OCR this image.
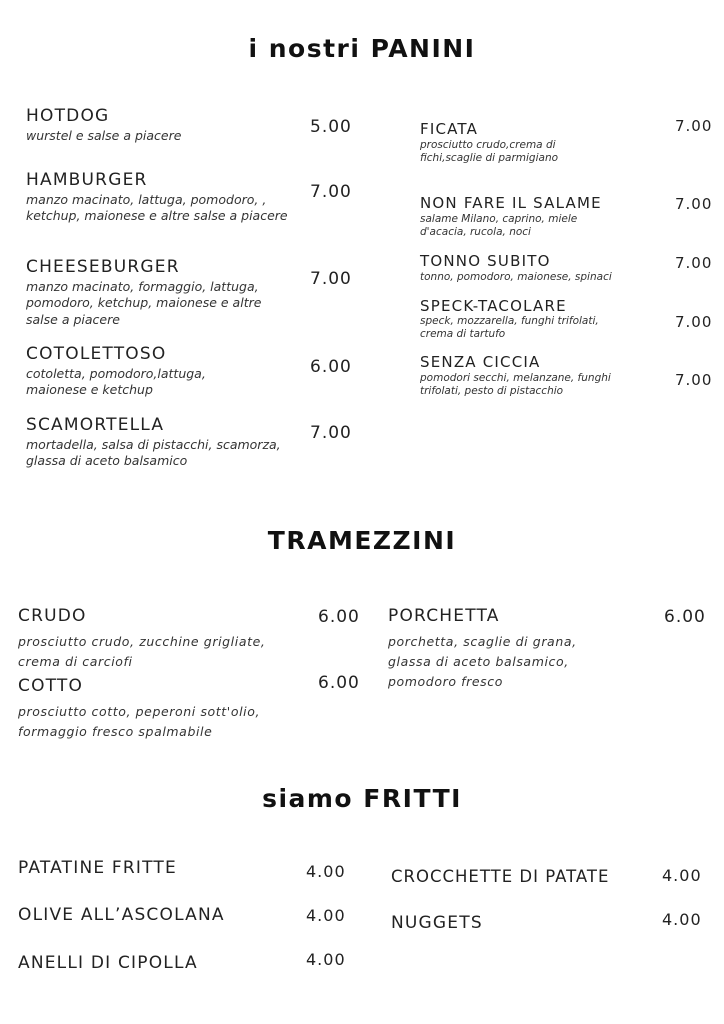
i nostri PANINI
HOTDOG
wurstel e salse a piacere	5.00
HAMBURGER
manzo macinato, lattuga, pomodoro, , ketchup, maionese e altre salse a piacere
7.00
CHEESEBURGER
manzo macinato, formaggio, lattuga, pomodoro, ketchup, maionese e altre salse a piacere
7.00
COTOLETTOSO
cotoletta, pomodoro,lattuga, maionese e ketchup
6.00
SCAMORTELLA
mortadella, salsa di pistacchi, scamorza, glassa di aceto balsamico
7.00
FICATA
prosciutto crudo,crema di fichi,scaglie di parmigiano
7.00
NON FARE IL SALAME
salame Milano, caprino, miele d'acacia, rucola, noci
7.00
TONNO SUBITO
tonno, pomodoro, maionese, spinaci
7.00
SPECK-TACOLARE
speck, mozzarella, funghi trifolati, crema di tartufo
7.00
SENZA CICCIA
pomodori secchi, melanzane, funghi trifolati, pesto di pistacchio
7.00
TRAMEZZINI
CRUDO
prosciutto crudo, zucchine grigliate, crema di carciofi
6.00
COTTO
prosciutto cotto, peperoni sott'olio, formaggio fresco spalmabile
6.00
PORCHETTA
porchetta, scaglie di grana, glassa di aceto balsamico, pomodoro fresco
6.00
siamo FRITTI
PATATINE FRITTE	4.00
OLIVE ALL’ASCOLANA	4.00
ANELLI DI CIPOLLA	4.00
CROCCHETTE DI PATATE	4.00
NUGGETS	4.00
